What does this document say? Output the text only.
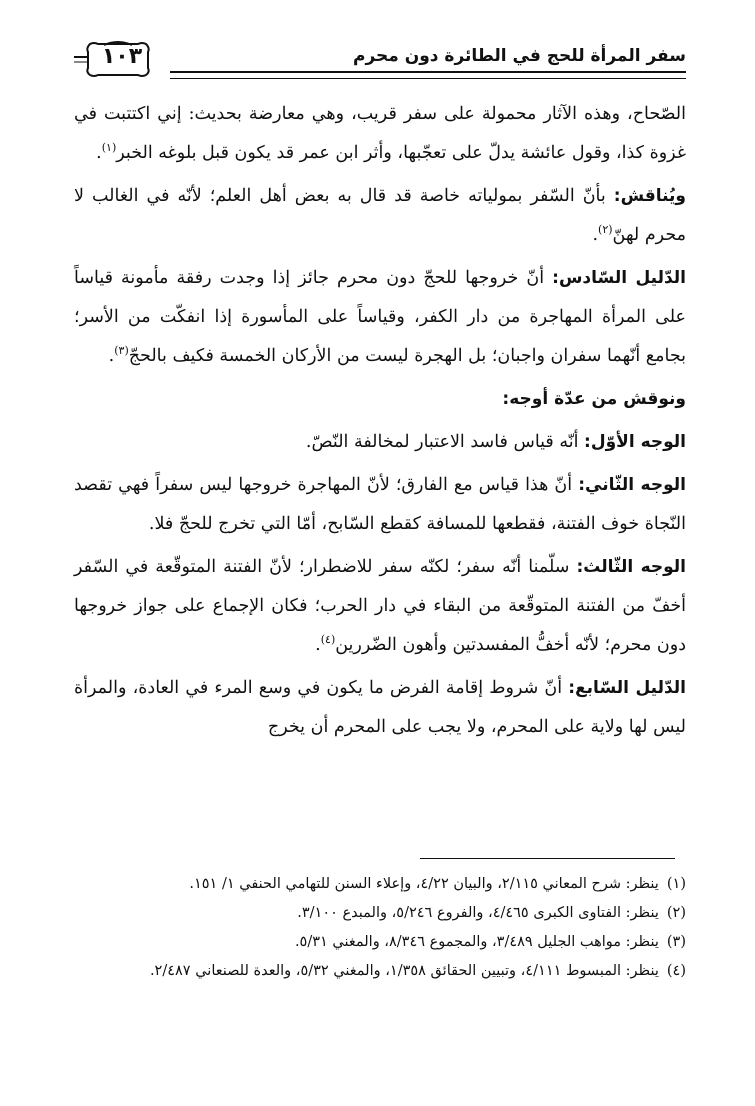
١٠٣	سفر المرأة للحج في الطائرة دون محرم

الصّحاح، وهذه الآثار محمولة على سفر قريب، وهي معارضة بحديث: إني اكتتبت في غزوة كذا، وقول عائشة يدلّ على تعجّبها، وأثر ابن عمر قد يكون قبل بلوغه الخبر$^{(١)}$.

ويُناقش: بأنّ السّفر بمولياته خاصة قد قال به بعض أهل العلم؛ لأنّه في الغالب لا محرم لهنّ$^{(٢)}$.

الدّليل السّادس: أنّ خروجها للحجّ دون محرم جائز إذا وجدت رفقة مأمونة قياساً على المرأة المهاجرة من دار الكفر، وقياساً على المأسورة إذا انفكّت من الأسر؛ بجامع أنّهما سفران واجبان؛ بل الهجرة ليست من الأركان الخمسة فكيف بالحجّ$^{(٣)}$.

ونوقش من عدّة أوجه:

الوجه الأوّل: أنّه قياس فاسد الاعتبار لمخالفة النّصّ.

الوجه الثّاني: أنّ هذا قياس مع الفارق؛ لأنّ المهاجرة خروجها ليس سفراً فهي تقصد النّجاة خوف الفتنة، فقطعها للمسافة كقطع السّابح، أمّا التي تخرج للحجّ فلا.

الوجه الثّالث: سلّمنا أنّه سفر؛ لكنّه سفر للاضطرار؛ لأنّ الفتنة المتوقّعة في السّفر أخفّ من الفتنة المتوقّعة من البقاء في دار الحرب؛ فكان الإجماع على جواز خروجها دون محرم؛ لأنّه أخفُّ المفسدتين وأهون الضّررين$^{(٤)}$.

الدّليل السّابع: أنّ شروط إقامة الفرض ما يكون في وسع المرء في العادة، والمرأة ليس لها ولاية على المحرم، ولا يجب على المحرم أن يخرج

(١)
ينظر: شرح المعاني ٢/١١٥، والبيان ٤/٢٢، وإعلاء السنن للتهامي الحنفي ١/ ١٥١.
(٢)
ينظر: الفتاوى الكبرى ٤/٤٦٥، والفروع ٥/٢٤٦، والمبدع ٣/١٠٠.
(٣)
ينظر: مواهب الجليل ٣/٤٨٩، والمجموع ٨/٣٤٦، والمغني ٥/٣١.
(٤)
ينظر: المبسوط ٤/١١١، وتبيين الحقائق ١/٣٥٨، والمغني ٥/٣٢، والعدة للصنعاني ٢/٤٨٧.
